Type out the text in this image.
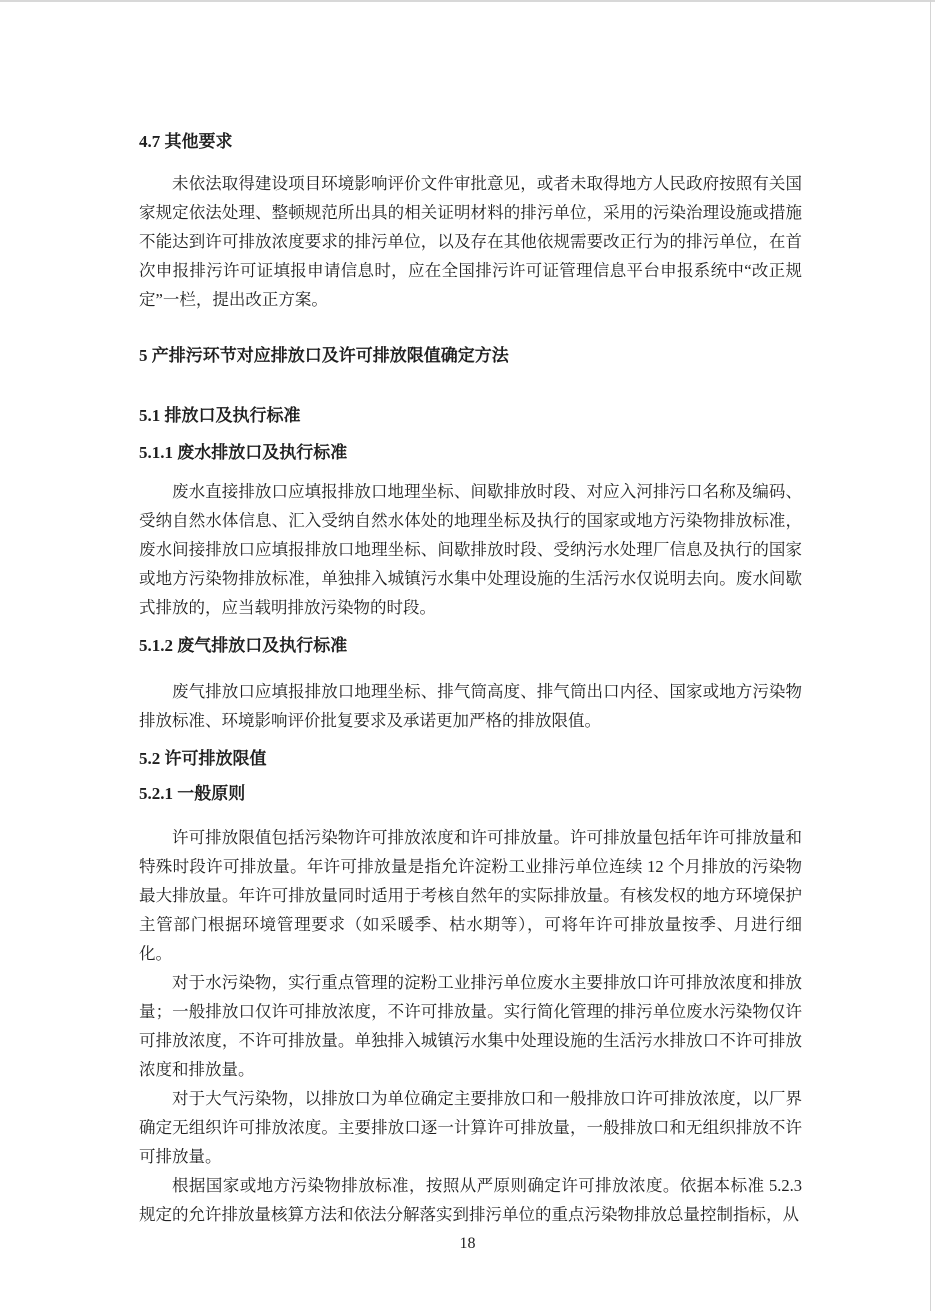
4.7 其他要求

未依法取得建设项目环境影响评价文件审批意见，或者未取得地方人民政府按照有关国家规定依法处理、整顿规范所出具的相关证明材料的排污单位，采用的污染治理设施或措施不能达到许可排放浓度要求的排污单位，以及存在其他依规需要改正行为的排污单位，在首次申报排污许可证填报申请信息时，应在全国排污许可证管理信息平台申报系统中“改正规定”一栏，提出改正方案。

5 产排污环节对应排放口及许可排放限值确定方法
5.1 排放口及执行标准
5.1.1 废水排放口及执行标准

废水直接排放口应填报排放口地理坐标、间歇排放时段、对应入河排污口名称及编码、受纳自然水体信息、汇入受纳自然水体处的地理坐标及执行的国家或地方污染物排放标准，废水间接排放口应填报排放口地理坐标、间歇排放时段、受纳污水处理厂信息及执行的国家或地方污染物排放标准，单独排入城镇污水集中处理设施的生活污水仅说明去向。废水间歇式排放的，应当载明排放污染物的时段。

5.1.2 废气排放口及执行标准

废气排放口应填报排放口地理坐标、排气筒高度、排气筒出口内径、国家或地方污染物排放标准、环境影响评价批复要求及承诺更加严格的排放限值。

5.2 许可排放限值
5.2.1 一般原则

许可排放限值包括污染物许可排放浓度和许可排放量。许可排放量包括年许可排放量和特殊时段许可排放量。年许可排放量是指允许淀粉工业排污单位连续 12 个月排放的污染物最大排放量。年许可排放量同时适用于考核自然年的实际排放量。有核发权的地方环境保护主管部门根据环境管理要求（如采暖季、枯水期等），可将年许可排放量按季、月进行细化。

对于水污染物，实行重点管理的淀粉工业排污单位废水主要排放口许可排放浓度和排放量；一般排放口仅许可排放浓度，不许可排放量。实行简化管理的排污单位废水污染物仅许可排放浓度，不许可排放量。单独排入城镇污水集中处理设施的生活污水排放口不许可排放浓度和排放量。

对于大气污染物，以排放口为单位确定主要排放口和一般排放口许可排放浓度，以厂界确定无组织许可排放浓度。主要排放口逐一计算许可排放量，一般排放口和无组织排放不许可排放量。

根据国家或地方污染物排放标准，按照从严原则确定许可排放浓度。依据本标准 5.2.3 规定的允许排放量核算方法和依法分解落实到排污单位的重点污染物排放总量控制指标，从

18
